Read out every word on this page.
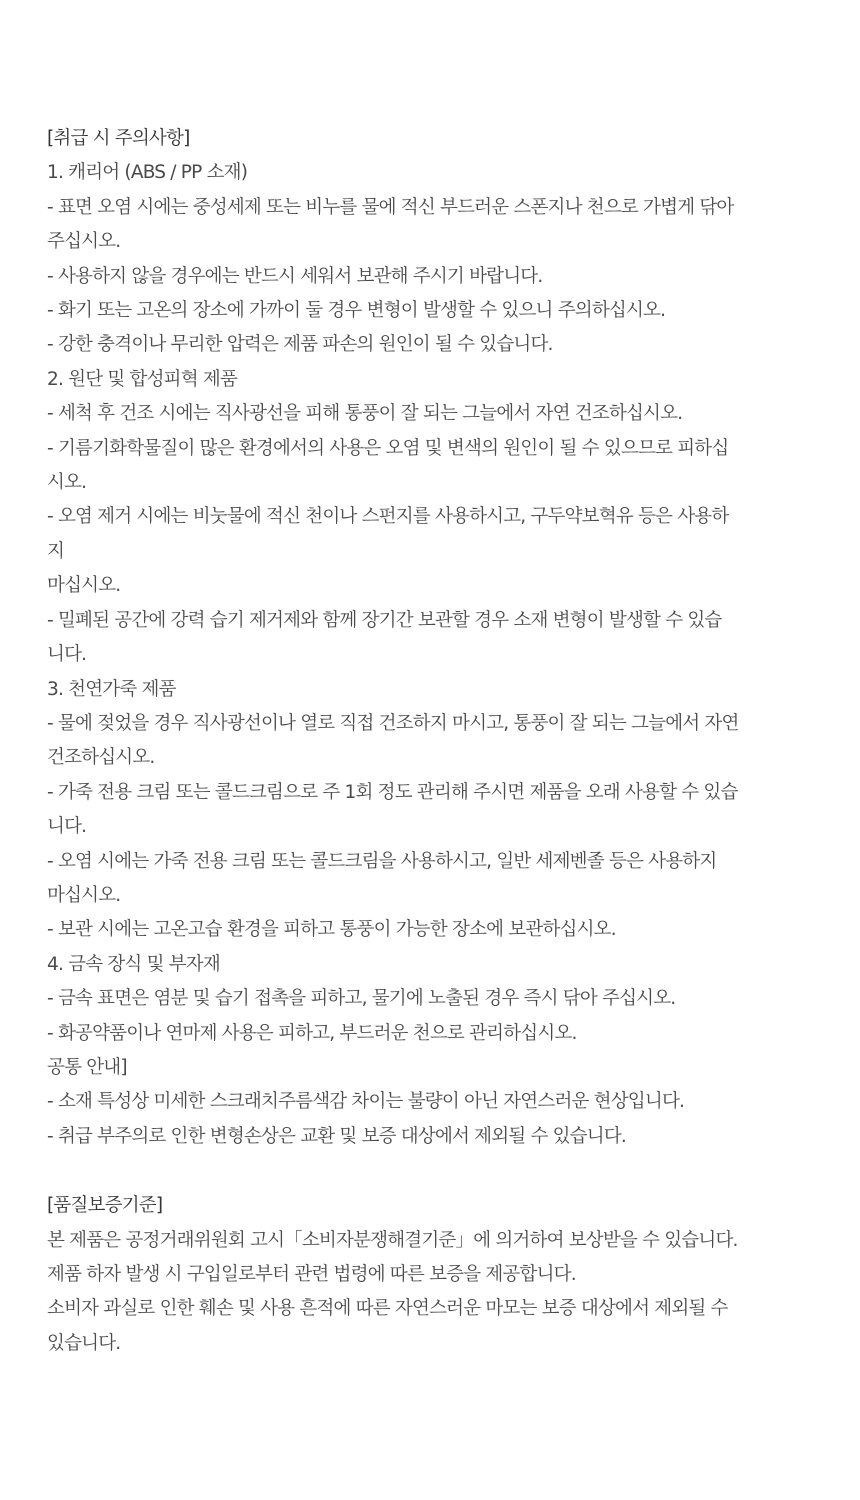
[취급 시 주의사항]

1. 캐리어 (ABS / PP 소재)

- 표면 오염 시에는 중성세제 또는 비누를 물에 적신 부드러운 스폰지나 천으로 가볍게 닦아

주십시오.

- 사용하지 않을 경우에는 반드시 세워서 보관해 주시기 바랍니다.

- 화기 또는 고온의 장소에 가까이 둘 경우 변형이 발생할 수 있으니 주의하십시오.

- 강한 충격이나 무리한 압력은 제품 파손의 원인이 될 수 있습니다.

2. 원단 및 합성피혁 제품

- 세척 후 건조 시에는 직사광선을 피해 통풍이 잘 되는 그늘에서 자연 건조하십시오.

- 기름기화학물질이 많은 환경에서의 사용은 오염 및 변색의 원인이 될 수 있으므로 피하십

시오.

- 오염 제거 시에는 비눗물에 적신 천이나 스펀지를 사용하시고, 구두약보혁유 등은 사용하

지

마십시오.

- 밀폐된 공간에 강력 습기 제거제와 함께 장기간 보관할 경우 소재 변형이 발생할 수 있습

니다.

3. 천연가죽 제품

- 물에 젖었을 경우 직사광선이나 열로 직접 건조하지 마시고, 통풍이 잘 되는 그늘에서 자연

건조하십시오.

- 가죽 전용 크림 또는 콜드크림으로 주 1회 정도 관리해 주시면 제품을 오래 사용할 수 있습

니다.

- 오염 시에는 가죽 전용 크림 또는 콜드크림을 사용하시고, 일반 세제벤졸 등은 사용하지

마십시오.

- 보관 시에는 고온고습 환경을 피하고 통풍이 가능한 장소에 보관하십시오.

4. 금속 장식 및 부자재

- 금속 표면은 염분 및 습기 접촉을 피하고, 물기에 노출된 경우 즉시 닦아 주십시오.

- 화공약품이나 연마제 사용은 피하고, 부드러운 천으로 관리하십시오.

공통 안내]

- 소재 특성상 미세한 스크래치주름색감 차이는 불량이 아닌 자연스러운 현상입니다.

- 취급 부주의로 인한 변형손상은 교환 및 보증 대상에서 제외될 수 있습니다.

[품질보증기준]

본 제품은 공정거래위원회 고시「소비자분쟁해결기준」에 의거하여 보상받을 수 있습니다.

제품 하자 발생 시 구입일로부터 관련 법령에 따른 보증을 제공합니다.

소비자 과실로 인한 훼손 및 사용 흔적에 따른 자연스러운 마모는 보증 대상에서 제외될 수

있습니다.
